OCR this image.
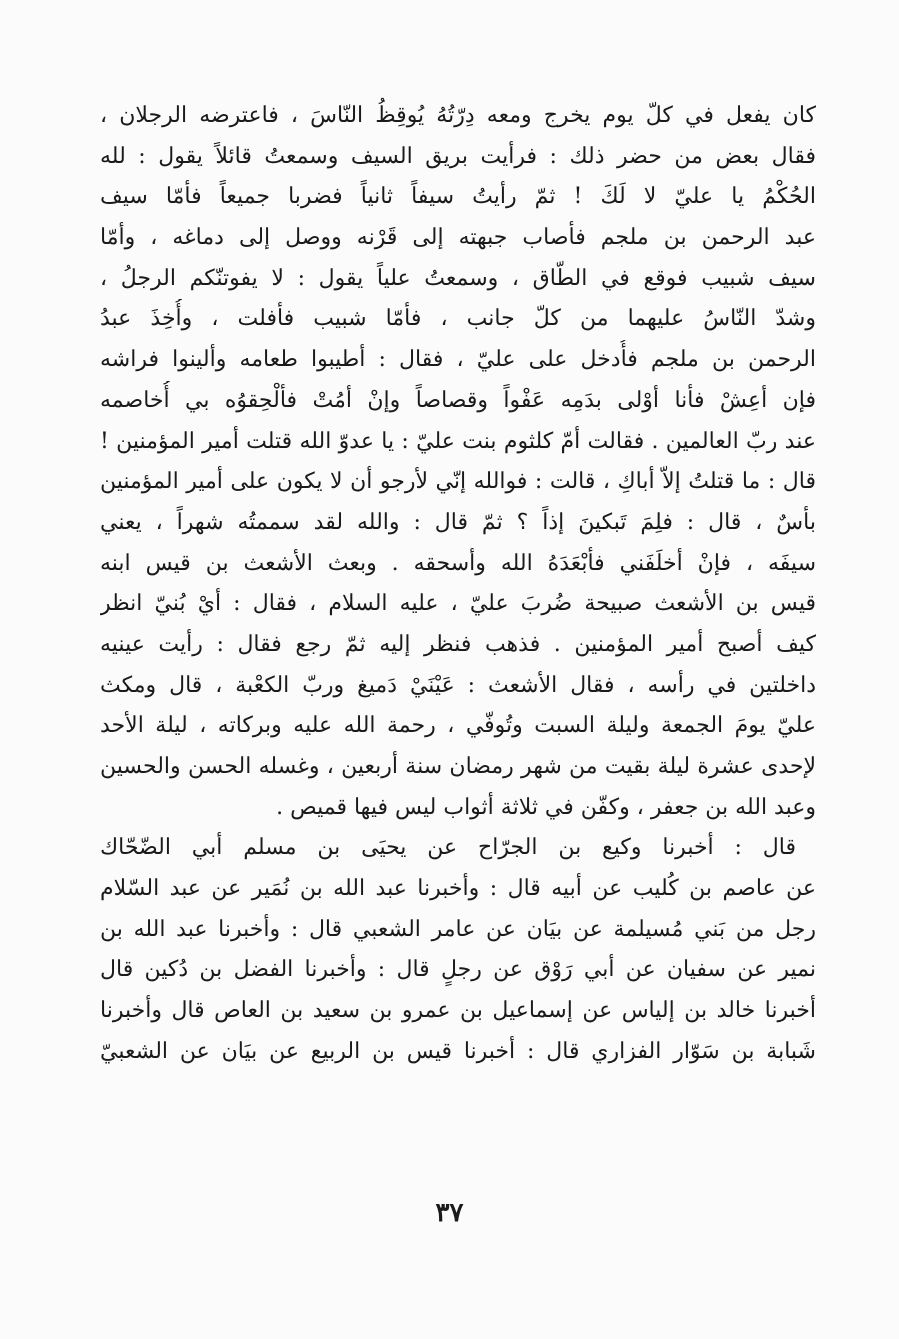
كان يفعل في كلّ يوم يخرج ومعه دِرّتُهُ يُوقِظُ النّاسَ ، فاعترضه الرجلان ،
فقال بعض من حضر ذلك : فرأيت بريق السيف وسمعتُ قائلاً يقول : لله
الحُكْمُ يا عليّ لا لَكَ ! ثمّ رأيتُ سيفاً ثانياً فضربا جميعاً فأمّا سيف
عبد الرحمن بن ملجم فأصاب جبهته إلى قَرْنه ووصل إلى دماغه ، وأمّا
سيف شبيب فوقع في الطّاق ، وسمعتُ علياً يقول : لا يفوتنّكم الرجلُ ،
وشدّ النّاسُ عليهما من كلّ جانب ، فأمّا شبيب فأفلت ، وأُخِذَ عبدُ
الرحمن بن ملجم فأُدخل على عليّ ، فقال : أطيبوا طعامه وألينوا فراشه
فإن أعِشْ فأنا أوْلى بدَمِه عَفْواً وقصاصاً وإنْ أمُتْ فألْحِقوُه بي أُخاصمه
عند ربّ العالمين . فقالت أمّ كلثوم بنت عليّ : يا عدوّ الله قتلت أمير المؤمنين !
قال : ما قتلتُ إلاّ أباكِ ، قالت : فوالله إنّي لأرجو أن لا يكون على أمير المؤمنين
بأسٌ ، قال : فلِمَ تَبكينَ إذاً ؟ ثمّ قال : والله لقد سممتُه شهراً ، يعني
سيفَه ، فإنْ أخلَفَني فأبْعَدَهُ الله وأسحقه . وبعث الأشعث بن قيس ابنه
قيس بن الأشعث صبيحة ضُربَ عليّ ، عليه السلام ، فقال : أيْ بُنيّ انظر
كيف أصبح أمير المؤمنين . فذهب فنظر إليه ثمّ رجع فقال : رأيت عينيه
داخلتين في رأسه ، فقال الأشعث : عَيْنَيْ دَميغ وربّ الكعْبة ، قال ومكث
عليّ يومَ الجمعة وليلة السبت وتُوفّي ، رحمة الله عليه وبركاته ، ليلة الأحد
لإحدى عشرة ليلة بقيت من شهر رمضان سنة أربعين ، وغسله الحسن والحسين
وعبد الله بن جعفر ، وكفّن في ثلاثة أثواب ليس فيها قميص .
قال : أخبرنا وكيع بن الجرّاح عن يحيَى بن مسلم أبي الضّحّاك
عن عاصم بن كُليب عن أبيه قال : وأخبرنا عبد الله بن نُمَير عن عبد السّلام
رجل من بَني مُسيلمة عن بيَان عن عامر الشعبي قال : وأخبرنا عبد الله بن
نمير عن سفيان عن أبي رَوْق عن رجلٍ قال : وأخبرنا الفضل بن دُكين قال
أخبرنا خالد بن إلياس عن إسماعيل بن عمرو بن سعيد بن العاص قال وأخبرنا
شَبابة بن سَوّار الفزاري قال : أخبرنا قيس بن الربيع عن بيَان عن الشعبيّ
٣٧
